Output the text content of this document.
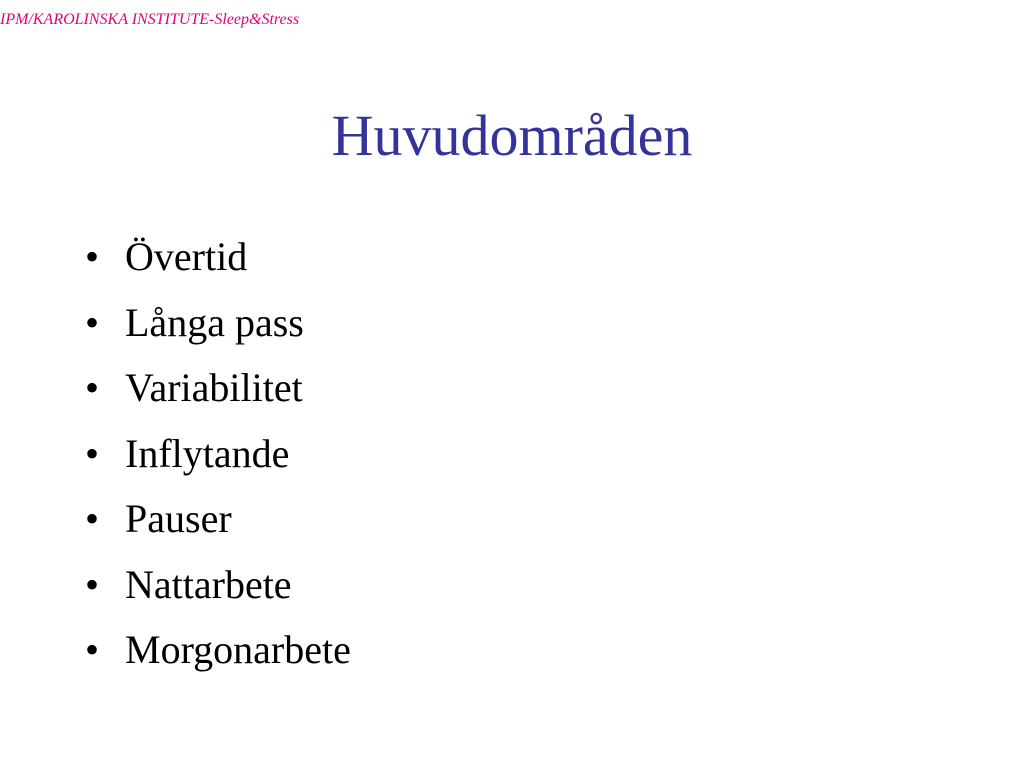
IPM/KAROLINSKA INSTITUTE-Sleep&Stress
Huvudområden
• Övertid
• Långa pass
• Variabilitet
• Inflytande
• Pauser
• Nattarbete
• Morgonarbete
